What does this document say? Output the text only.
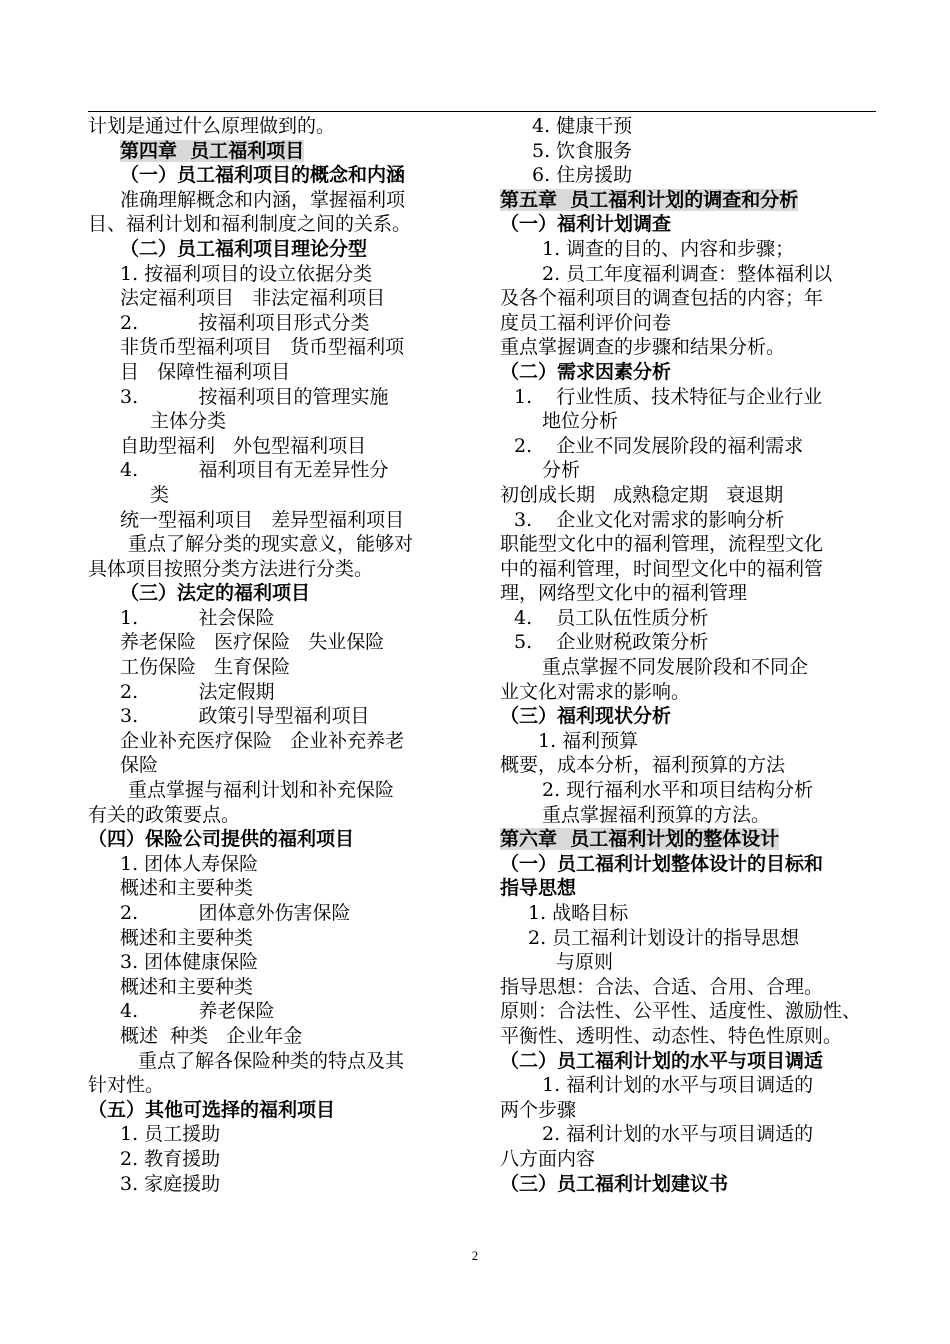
计划是通过什么原理做到的。
第四章  员工福利项目
（一）员工福利项目的概念和内涵
准确理解概念和内涵，掌握福利项
目、福利计划和福利制度之间的关系。
（二）员工福利项目理论分型
1. 按福利项目的设立依据分类
法定福利项目   非法定福利项目
2.          按福利项目形式分类
非货币型福利项目   货币型福利项
目   保障性福利项目
3.          按福利项目的管理实施
主体分类
自助型福利   外包型福利项目
4.          福利项目有无差异性分
类
统一型福利项目   差异型福利项目
重点了解分类的现实意义，能够对
具体项目按照分类方法进行分类。
（三）法定的福利项目
1.          社会保险
养老保险   医疗保险   失业保险
工伤保险   生育保险
2.          法定假期
3.          政策引导型福利项目
企业补充医疗保险   企业补充养老
保险
重点掌握与福利计划和补充保险
有关的政策要点。
（四）保险公司提供的福利项目
1. 团体人寿保险
概述和主要种类
2.          团体意外伤害保险
概述和主要种类
3. 团体健康保险
概述和主要种类
4.          养老保险
概述  种类   企业年金
重点了解各保险种类的特点及其
针对性。
（五）其他可选择的福利项目
1. 员工援助
2. 教育援助
3. 家庭援助
4. 健康干预
5. 饮食服务
6. 住房援助
第五章  员工福利计划的调查和分析
（一）福利计划调查
1. 调查的目的、内容和步骤；
2. 员工年度福利调查：整体福利以
及各个福利项目的调查包括的内容；年
度员工福利评价问卷
重点掌握调查的步骤和结果分析。
（二）需求因素分析
1.    行业性质、技术特征与企业行业
地位分析
2.    企业不同发展阶段的福利需求
分析
初创成长期   成熟稳定期   衰退期
3.    企业文化对需求的影响分析
职能型文化中的福利管理，流程型文化
中的福利管理，时间型文化中的福利管
理，网络型文化中的福利管理
4.    员工队伍性质分析
5.    企业财税政策分析
重点掌握不同发展阶段和不同企
业文化对需求的影响。
（三）福利现状分析
1. 福利预算
概要，成本分析，福利预算的方法
2. 现行福利水平和项目结构分析
重点掌握福利预算的方法。
第六章  员工福利计划的整体设计
（一）员工福利计划整体设计的目标和
指导思想
1. 战略目标
2. 员工福利计划设计的指导思想
与原则
指导思想：合法、合适、合用、合理。
原则：合法性、公平性、适度性、激励性、
平衡性、透明性、动态性、特色性原则。
（二）员工福利计划的水平与项目调适
1. 福利计划的水平与项目调适的
两个步骤
2. 福利计划的水平与项目调适的
八方面内容
（三）员工福利计划建议书
2
